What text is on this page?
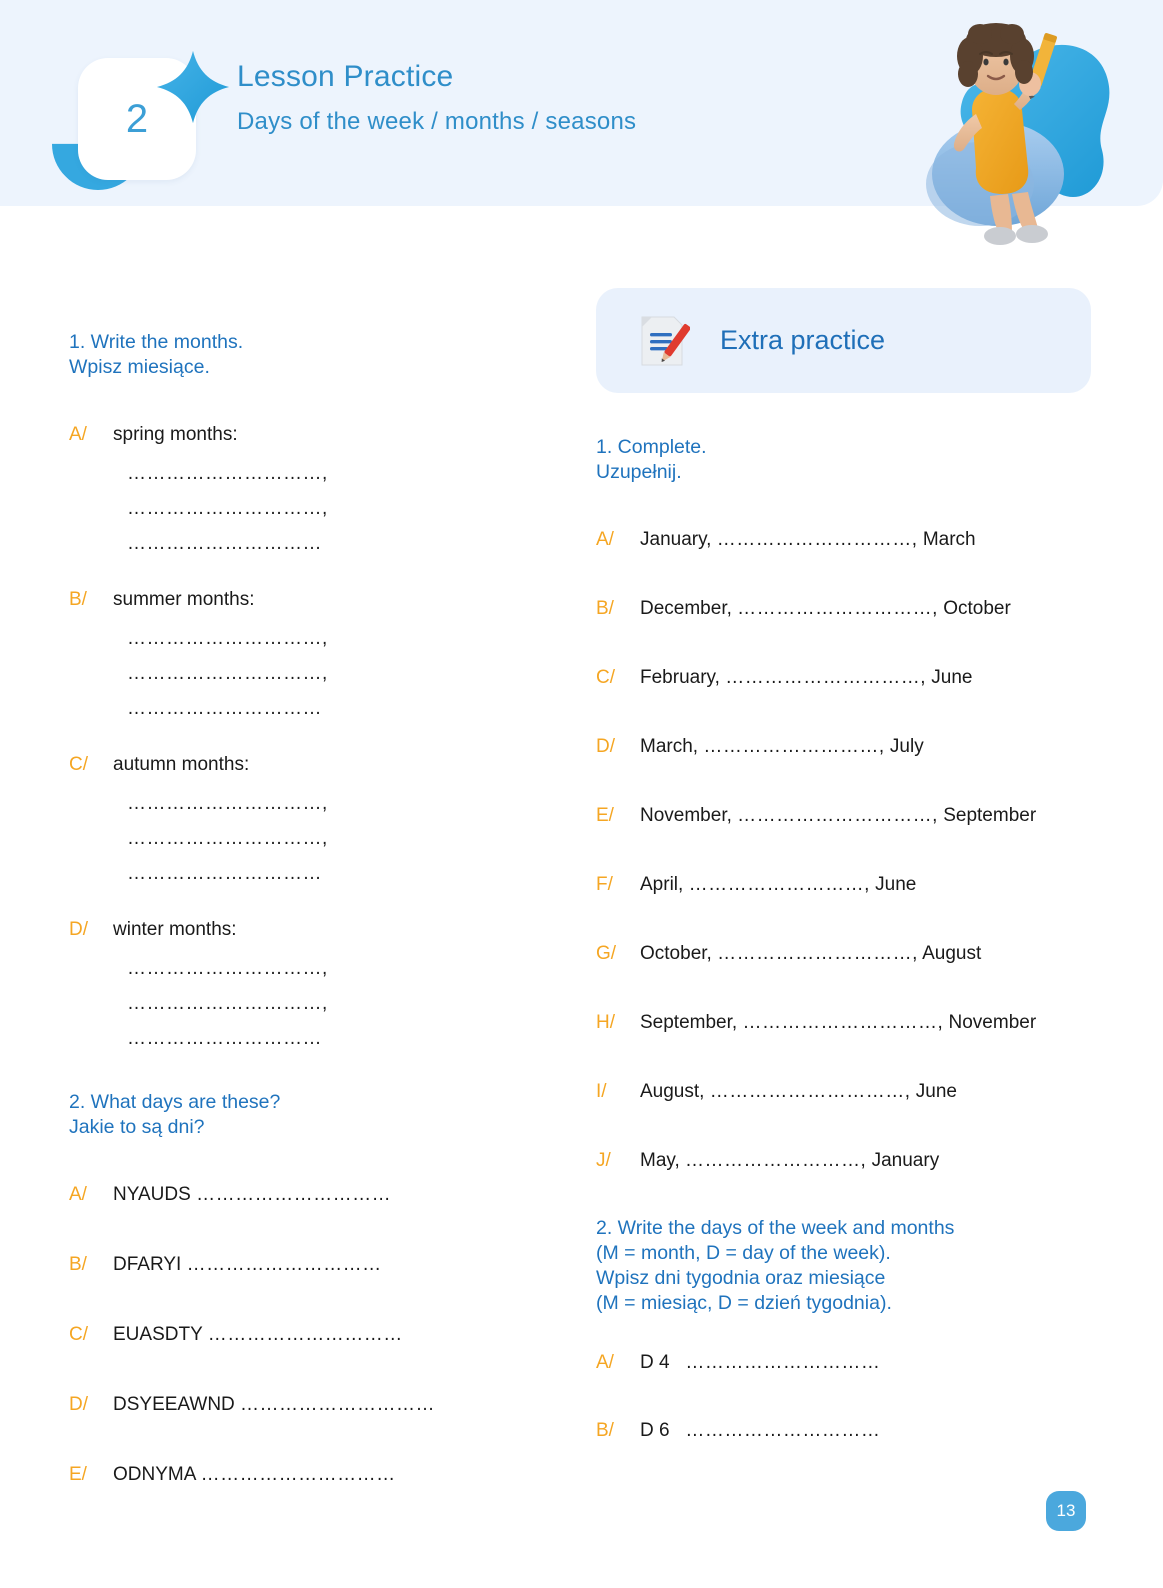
2
Lesson Practice
Days of the week / months / seasons
1. Write the months.
Wpisz miesiące.
A/	spring months:
…………………………,
…………………………,
…………………………
B/	summer months:
…………………………,
…………………………,
…………………………
C/	autumn months:
…………………………,
…………………………,
…………………………
D/	winter months:
…………………………,
…………………………,
…………………………
2. What days are these?
Jakie to są dni?
A/	NYAUDS …………………………
B/	DFARYI …………………………
C/	EUASDTY …………………………
D/	DSYEEAWND …………………………
E/	ODNYMA …………………………
Extra practice
1. Complete.
Uzupełnij.
A/	January, …………………………, March
B/	December, …………………………, October
C/	February, …………………………, June
D/	March, ………………………, July
E/	November, …………………………, September
F/	April, ………………………, June
G/	October, …………………………, August
H/	September, …………………………, November
I/	August, …………………………, June
J/	May, ………………………, January
2. Write the days of the week and months
(M = month, D = day of the week).
Wpisz dni tygodnia oraz miesiące
(M = miesiąc, D = dzień tygodnia).
A/	D 4 …………………………
B/	D 6 …………………………
13
